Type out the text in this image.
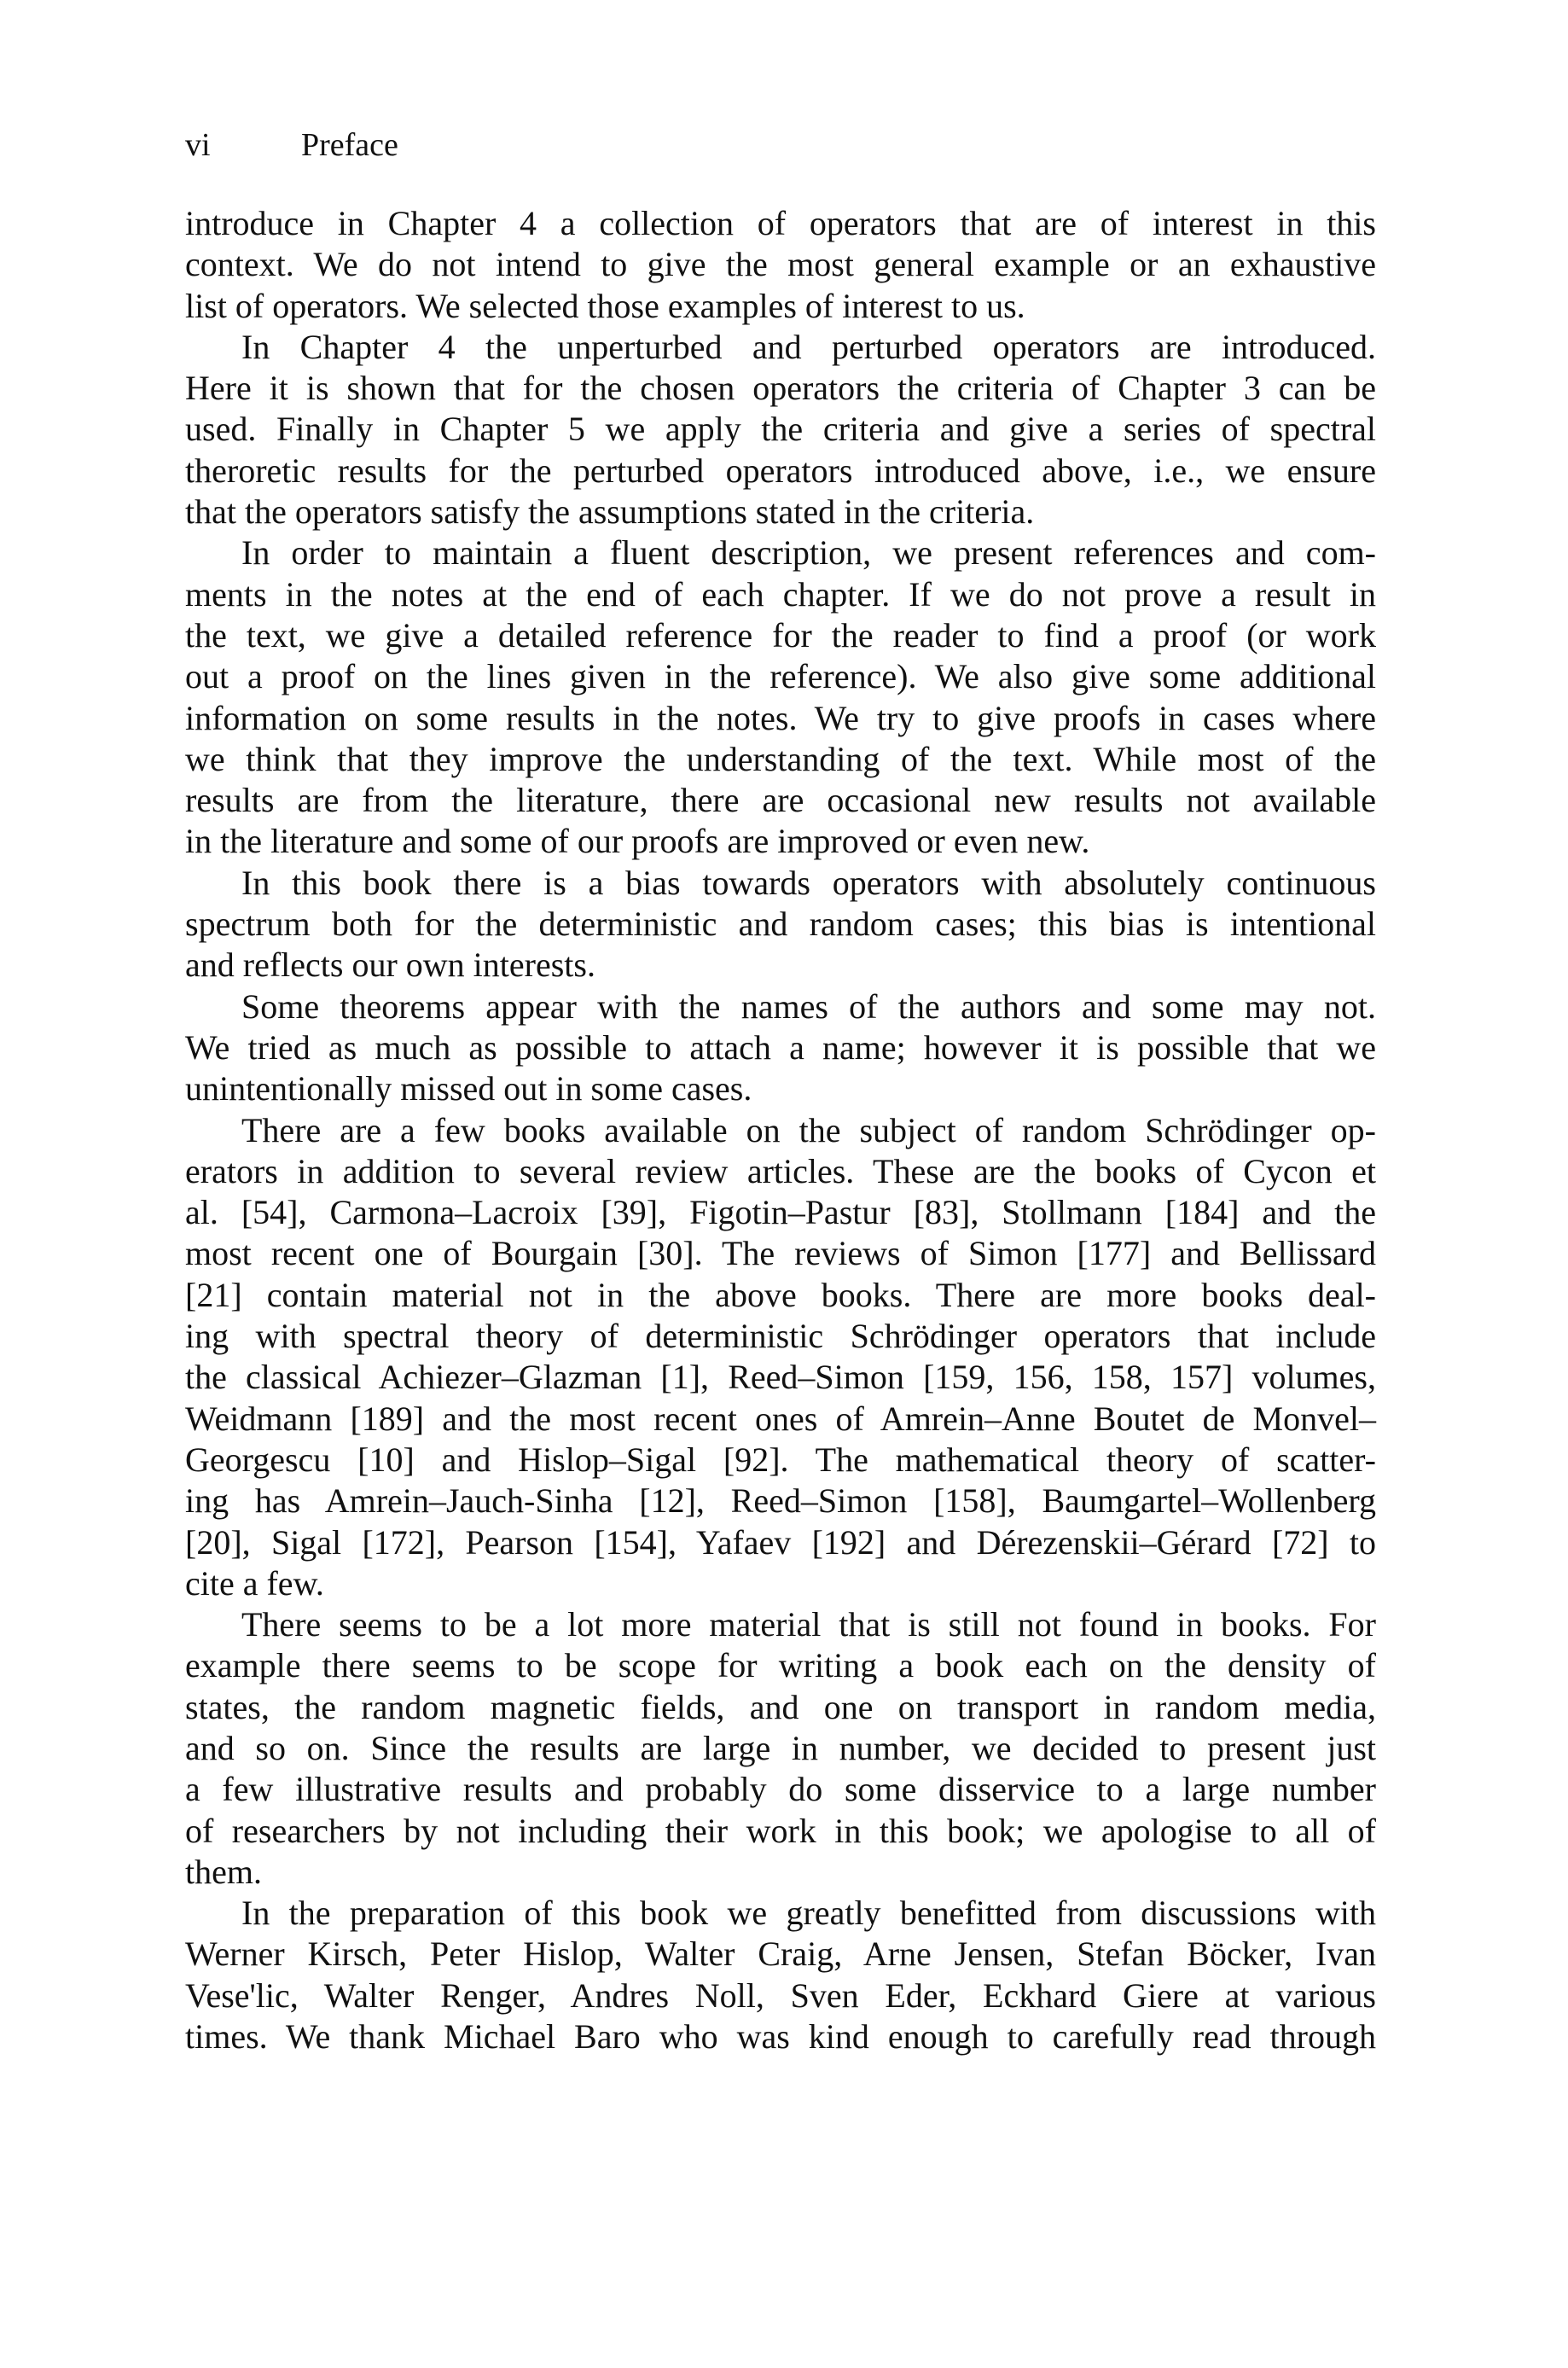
vi	Preface
introduce in Chapter 4 a collection of operators that are of interest in this
context. We do not intend to give the most general example or an exhaustive
list of operators. We selected those examples of interest to us.
In Chapter 4 the unperturbed and perturbed operators are introduced.
Here it is shown that for the chosen operators the criteria of Chapter 3 can be
used. Finally in Chapter 5 we apply the criteria and give a series of spectral
theroretic results for the perturbed operators introduced above, i.e., we ensure
that the operators satisfy the assumptions stated in the criteria.
In order to maintain a fluent description, we present references and com-
ments in the notes at the end of each chapter. If we do not prove a result in
the text, we give a detailed reference for the reader to find a proof (or work
out a proof on the lines given in the reference). We also give some additional
information on some results in the notes. We try to give proofs in cases where
we think that they improve the understanding of the text. While most of the
results are from the literature, there are occasional new results not available
in the literature and some of our proofs are improved or even new.
In this book there is a bias towards operators with absolutely continuous
spectrum both for the deterministic and random cases; this bias is intentional
and reflects our own interests.
Some theorems appear with the names of the authors and some may not.
We tried as much as possible to attach a name; however it is possible that we
unintentionally missed out in some cases.
There are a few books available on the subject of random Schrödinger op-
erators in addition to several review articles. These are the books of Cycon et
al. [54], Carmona–Lacroix [39], Figotin–Pastur [83], Stollmann [184] and the
most recent one of Bourgain [30]. The reviews of Simon [177] and Bellissard
[21] contain material not in the above books. There are more books deal-
ing with spectral theory of deterministic Schrödinger operators that include
the classical Achiezer–Glazman [1], Reed–Simon [159, 156, 158, 157] volumes,
Weidmann [189] and the most recent ones of Amrein–Anne Boutet de Monvel–
Georgescu [10] and Hislop–Sigal [92]. The mathematical theory of scatter-
ing has Amrein–Jauch-Sinha [12], Reed–Simon [158], Baumgartel–Wollenberg
[20], Sigal [172], Pearson [154], Yafaev [192] and Dérezenskii–Gérard [72] to
cite a few.
There seems to be a lot more material that is still not found in books. For
example there seems to be scope for writing a book each on the density of
states, the random magnetic fields, and one on transport in random media,
and so on. Since the results are large in number, we decided to present just
a few illustrative results and probably do some disservice to a large number
of researchers by not including their work in this book; we apologise to all of
them.
In the preparation of this book we greatly benefitted from discussions with
Werner Kirsch, Peter Hislop, Walter Craig, Arne Jensen, Stefan Böcker, Ivan
Vese'lic, Walter Renger, Andres Noll, Sven Eder, Eckhard Giere at various
times. We thank Michael Baro who was kind enough to carefully read through
